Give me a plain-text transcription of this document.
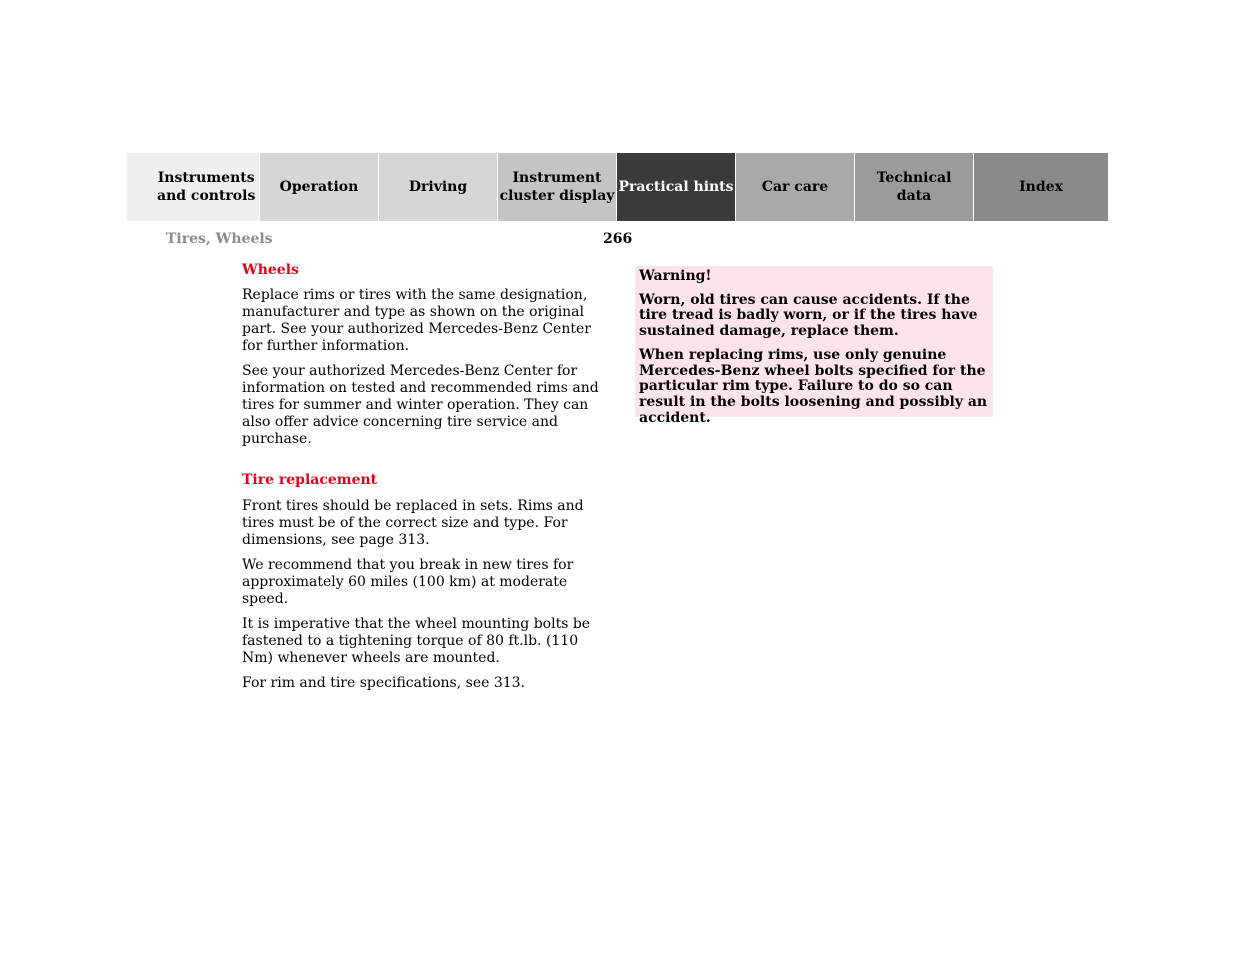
Instruments
and controls
Operation	Driving
Instrument
cluster display
Practical hints	Car care
Technical
data
Index
Tires, Wheels	266
Wheels

Replace rims or tires with the same designation, manufacturer and type as shown on the original part. See your authorized Mercedes-Benz Center for further information.

See your authorized Mercedes-Benz Center for information on tested and recommended rims and tires for summer and winter operation. They can also offer advice concerning tire service and purchase.

Tire replacement

Front tires should be replaced in sets. Rims and tires must be of the correct size and type. For dimensions, see page 313.

We recommend that you break in new tires for approximately 60 miles (100 km) at moderate speed.

It is imperative that the wheel mounting bolts be fastened to a tightening torque of 80 ft.lb. (110 Nm) whenever wheels are mounted.

For rim and tire specifications, see 313.

Warning!

Worn, old tires can cause accidents. If the tire tread is badly worn, or if the tires have sustained damage, replace them.

When replacing rims, use only genuine Mercedes-Benz wheel bolts specified for the particular rim type. Failure to do so can result in the bolts loosening and possibly an accident.
